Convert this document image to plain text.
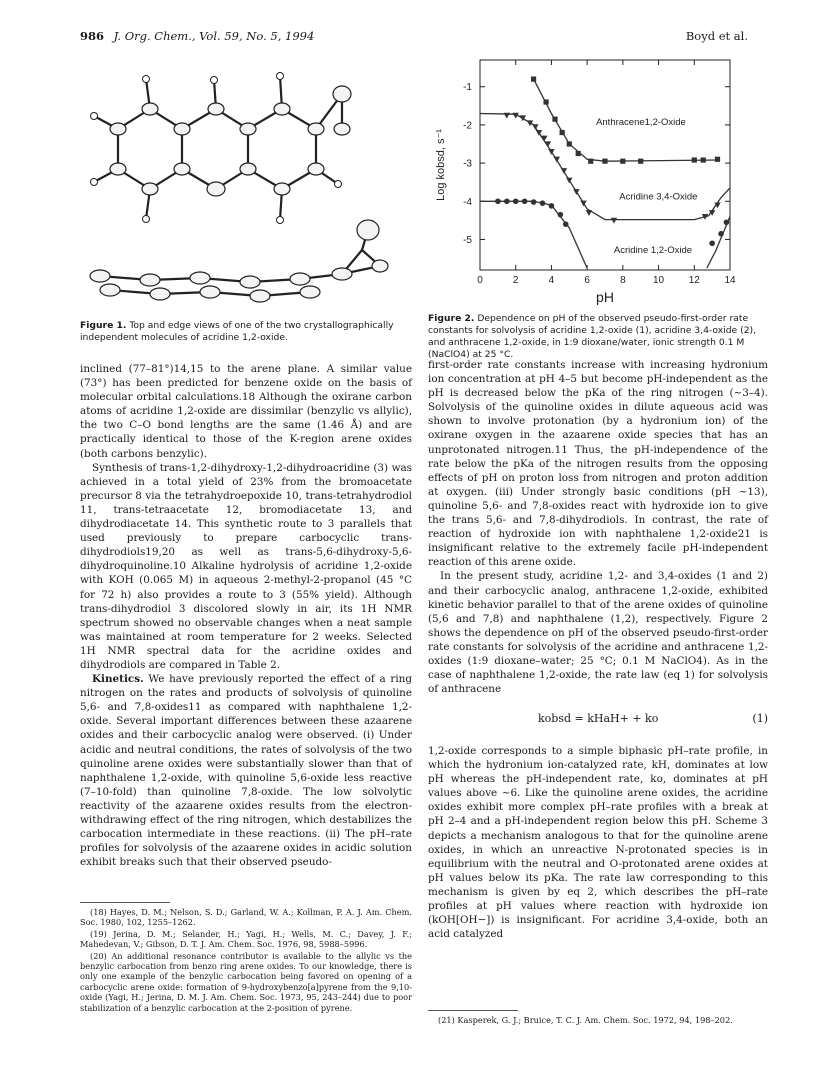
986 J. Org. Chem., Vol. 59, No. 5, 1994	Boyd et al.
Figure 1. Top and edge views of one of the two crystallographically independent molecules of acridine 1,2-oxide.
0	2	4	6	8	10 12 14
-1
-2
-3
-4
-5
Anthracene1,2-Oxide
Acridine 3,4-Oxide
Acridine 1,2-Oxide
pH
Log kobsd, s⁻¹
Figure 2. Dependence on pH of the observed pseudo-first-order rate constants for solvolysis of acridine 1,2-oxide (1), acridine 3,4-oxide (2), and anthracene 1,2-oxide, in 1:9 dioxane/water, ionic strength 0.1 M (NaClO4) at 25 °C.

inclined (77–81°)14,15 to the arene plane. A similar value (73°) has been predicted for benzene oxide on the basis of molecular orbital calculations.18 Although the oxirane carbon atoms of acridine 1,2-oxide are dissimilar (benzylic vs allylic), the two C–O bond lengths are the same (1.46 Å) and are practically identical to those of the K-region arene oxides (both carbons benzylic).

Synthesis of trans-1,2-dihydroxy-1,2-dihydroacridine (3) was achieved in a total yield of 23% from the bromoacetate precursor 8 via the tetrahydroepoxide 10, trans-tetrahydrodiol 11, trans-tetraacetate 12, bromodiacetate 13, and dihydrodiacetate 14. This synthetic route to 3 parallels that used previously to prepare carbocyclic trans-dihydrodiols19,20 as well as trans-5,6-dihydroxy-5,6-dihydroquinoline.10 Alkaline hydrolysis of acridine 1,2-oxide with KOH (0.065 M) in aqueous 2-methyl-2-propanol (45 °C for 72 h) also provides a route to 3 (55% yield). Although trans-dihydrodiol 3 discolored slowly in air, its 1H NMR spectrum showed no observable changes when a neat sample was maintained at room temperature for 2 weeks. Selected 1H NMR spectral data for the acridine oxides and dihydrodiols are compared in Table 2.

Kinetics. We have previously reported the effect of a ring nitrogen on the rates and products of solvolysis of quinoline 5,6- and 7,8-oxides11 as compared with naphthalene 1,2-oxide. Several important differences between these azaarene oxides and their carbocyclic analog were observed. (i) Under acidic and neutral conditions, the rates of solvolysis of the two quinoline arene oxides were substantially slower than that of naphthalene 1,2-oxide, with quinoline 5,6-oxide less reactive (7–10-fold) than quinoline 7,8-oxide. The low solvolytic reactivity of the azaarene oxides results from the electron-withdrawing effect of the ring nitrogen, which destabilizes the carbocation intermediate in these reactions. (ii) The pH–rate profiles for solvolysis of the azaarene oxides in acidic solution exhibit breaks such that their observed pseudo-

first-order rate constants increase with increasing hydronium ion concentration at pH 4–5 but become pH-independent as the pH is decreased below the pKa of the ring nitrogen (~3–4). Solvolysis of the quinoline oxides in dilute aqueous acid was shown to involve protonation (by a hydronium ion) of the oxirane oxygen in the azaarene oxide species that has an unprotonated nitrogen.11 Thus, the pH-independence of the rate below the pKa of the nitrogen results from the opposing effects of pH on proton loss from nitrogen and proton addition at oxygen. (iii) Under strongly basic conditions (pH ~13), quinoline 5,6- and 7,8-oxides react with hydroxide ion to give the trans 5,6- and 7,8-dihydrodiols. In contrast, the rate of reaction of hydroxide ion with naphthalene 1,2-oxide21 is insignificant relative to the extremely facile pH-independent reaction of this arene oxide.

In the present study, acridine 1,2- and 3,4-oxides (1 and 2) and their carbocyclic analog, anthracene 1,2-oxide, exhibited kinetic behavior parallel to that of the arene oxides of quinoline (5,6 and 7,8) and naphthalene (1,2), respectively. Figure 2 shows the dependence on pH of the observed pseudo-first-order rate constants for solvolysis of the acridine and anthracene 1,2-oxides (1:9 dioxane–water; 25 °C; 0.1 M NaClO4). As in the case of naphthalene 1,2-oxide, the rate law (eq 1) for solvolysis of anthracene

kobsd = kHaH+ + ko	(1)

1,2-oxide corresponds to a simple biphasic pH–rate profile, in which the hydronium ion-catalyzed rate, kH, dominates at low pH whereas the pH-independent rate, ko, dominates at pH values above ~6. Like the quinoline arene oxides, the acridine oxides exhibit more complex pH–rate profiles with a break at pH 2–4 and a pH-independent region below this pH. Scheme 3 depicts a mechanism analogous to that for the quinoline arene oxides, in which an unreactive N-protonated species is in equilibrium with the neutral and O-protonated arene oxides at pH values below its pKa. The rate law corresponding to this mechanism is given by eq 2, which describes the pH–rate profiles at pH values where reaction with hydroxide ion (kOH[OH−]) is insignificant. For acridine 3,4-oxide, both an acid catalyzed

(18) Hayes, D. M.; Nelson, S. D.; Garland, W. A.; Kollman, P. A. J. Am. Chem. Soc. 1980, 102, 1255–1262.

(19) Jerina, D. M.; Selander, H.; Yagi, H.; Wells, M. C.; Davey, J. F.; Mahedevan, V.; Gibson, D. T. J. Am. Chem. Soc. 1976, 98, 5988–5996.

(20) An additional resonance contributor is available to the allylic vs the benzylic carbocation from benzo ring arene oxides. To our knowledge, there is only one example of the benzylic carbocation being favored on opening of a carbocyclic arene oxide: formation of 9-hydroxybenzo[a]pyrene from the 9,10-oxide (Yagi, H.; Jerina, D. M. J. Am. Chem. Soc. 1973, 95, 243–244) due to poor stabilization of a benzylic carbocation at the 2-position of pyrene.

(21) Kasperek, G. J.; Bruice, T. C. J. Am. Chem. Soc. 1972, 94, 198–202.
